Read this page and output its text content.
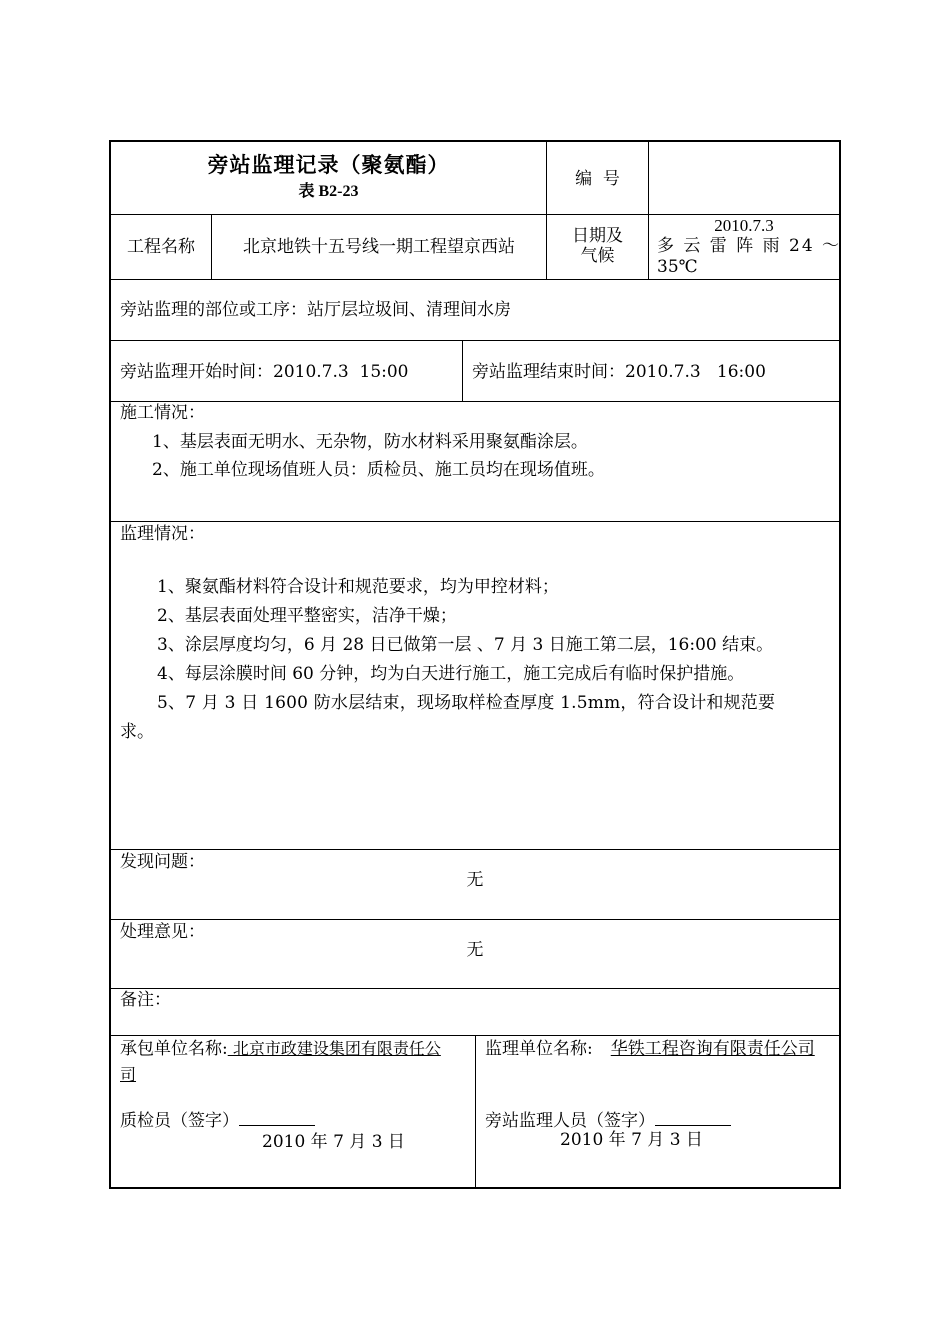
旁站监理记录（聚氨酯）
表 B2-23
编  号
工程名称	北京地铁十五号线一期工程望京西站
日期及
气候
2010.7.3
多 云 雷 阵 雨 24 ～
35℃
旁站监理的部位或工序：站厅层垃圾间、清理间水房
旁站监理开始时间：2010.7.3  15:00	旁站监理结束时间：2010.7.3   16:00
施工情况：
1、基层表面无明水、无杂物，防水材料采用聚氨酯涂层。
2、施工单位现场值班人员：质检员、施工员均在现场值班。
监理情况：
1、聚氨酯材料符合设计和规范要求，均为甲控材料；
2、基层表面处理平整密实，洁净干燥；
3、涂层厚度均匀，6 月 28 日已做第一层 、7 月 3 日施工第二层，16:00 结束。
4、每层涂膜时间 60 分钟，均为白天进行施工，施工完成后有临时保护措施。
5、7 月 3 日 1600 防水层结束，现场取样检查厚度 1.5mm，符合设计和规范要
求。
发现问题：
无
处理意见：
无
备注：
承包单位名称: 北京市政建设集团有限责任公
司
质检员（签字）
2010 年 7 月 3 日
监理单位名称: 华铁工程咨询有限责任公司
旁站监理人员（签字）
2010 年 7 月 3 日
